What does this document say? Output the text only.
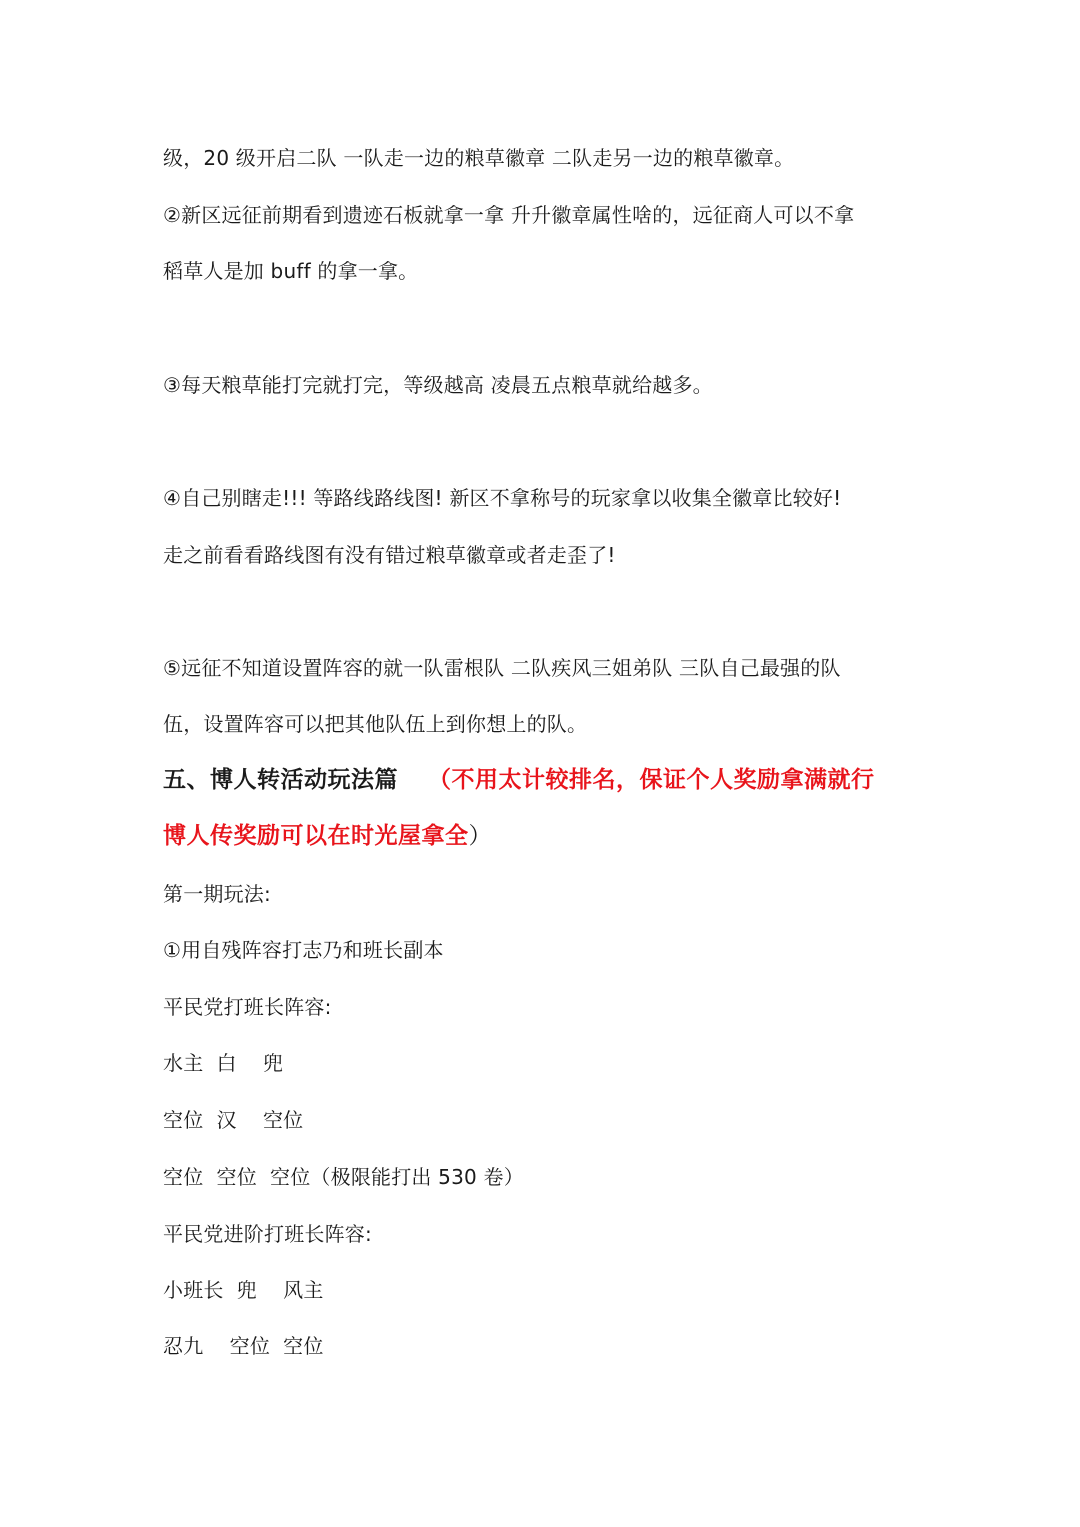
级，20 级开启二队 一队走一边的粮草徽章 二队走另一边的粮草徽章。
②新区远征前期看到遗迹石板就拿一拿 升升徽章属性啥的，远征商人可以不拿
稻草人是加 buff 的拿一拿。
③每天粮草能打完就打完，等级越高 凌晨五点粮草就给越多。
④自己别瞎走!!! 等路线路线图! 新区不拿称号的玩家拿以收集全徽章比较好!
走之前看看路线图有没有错过粮草徽章或者走歪了!
⑤远征不知道设置阵容的就一队雷根队 二队疾风三姐弟队 三队自己最强的队
伍，设置阵容可以把其他队伍上到你想上的队。
五、博人转活动玩法篇 （不用太计较排名，保证个人奖励拿满就行
博人传奖励可以在时光屋拿全）
第一期玩法:
①用自残阵容打志乃和班长副本
平民党打班长阵容:
水主  白    兜
空位  汉    空位
空位  空位  空位（极限能打出 530 卷）
平民党进阶打班长阵容:
小班长  兜    风主
忍九    空位  空位
